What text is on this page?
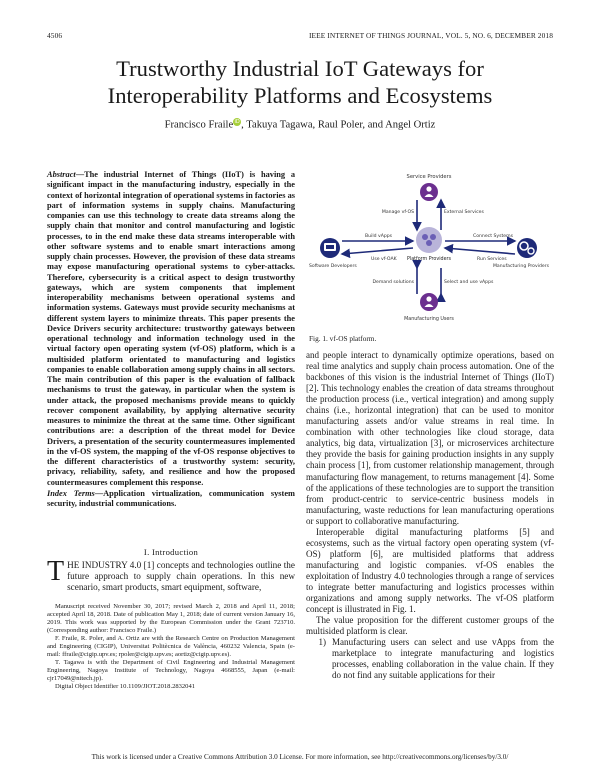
4506	IEEE INTERNET OF THINGS JOURNAL, VOL. 5, NO. 6, DECEMBER 2018
Trustworthy Industrial IoT Gateways for
Interoperability Platforms and Ecosystems
Francisco FraileiD, Takuya Tagawa, Raul Poler, and Angel Ortiz

Abstract—The industrial Internet of Things (IIoT) is having a significant impact in the manufacturing industry, especially in the context of horizontal integration of operational systems in factories as part of information systems in supply chains. Manufacturing companies can use this technology to create data streams along the supply chain that monitor and control manufacturing and logistic processes, to in the end make these data streams interoperable with other software systems and to enable smart interactions among supply chain processes. However, the provision of these data streams may expose manufacturing operational systems to cyber-attacks. Therefore, cybersecurity is a critical aspect to design trustworthy gateways, which are system components that implement interoperability mechanisms between operational systems and information systems. Gateways must provide security mechanisms at different system layers to minimize threats. This paper presents the Device Drivers security architecture: trustworthy gateways between operational technology and information technology used in the virtual factory open operating system (vf-OS) platform, which is a multisided platform orientated to manufacturing and logistics companies to enable collaboration among supply chains in all sectors. The main contribution of this paper is the evaluation of fallback mechanisms to trust the gateway, in particular when the system is under attack, the proposed mechanisms provide means to quickly recover component availability, by applying alternative security measures to minimize the threat at the same time. Other significant contributions are: a description of the threat model for Device Drivers, a presentation of the security countermeasures implemented in the vf-OS system, the mapping of the vf-OS response objectives to the different characteristics of a trustworthy system: security, privacy, reliability, safety, and resilience and how the proposed countermeasures complement this response.

Index Terms—Application virtualization, communication system security, industrial communications.

I. Introduction
THE INDUSTRY 4.0 [1] concepts and technologies outline the future approach to supply chain operations. In this new scenario, smart products, smart equipment, software,

Manuscript received November 30, 2017; revised March 2, 2018 and April 11, 2018; accepted April 18, 2018. Date of publication May 1, 2018; date of current version January 16, 2019. This work was supported by the European Commission under the Grant 723710. (Corresponding author: Francisco Fraile.)

F. Fraile, R. Poler, and A. Ortiz are with the Research Centre on Production Management and Engineering (CIGIP), Universitat Politècnica de València, 460232 Valencia, Spain (e-mail: ffraile@cigip.upv.es; rpoler@cigip.upv.es; aortiz@cigip.upv.es).

T. Tagawa is with the Department of Civil Engineering and Industrial Management Engineering, Nagoya Institute of Technology, Nagoya 4668555, Japan (e-mail: cjr17049@nitech.jp).

Digital Object Identifier 10.1109/JIOT.2018.2832041

This work is licensed under a Creative Commons Attribution 3.0 License. For more information, see http://creativecommons.org/licenses/by/3.0/
Service Providers
Manage vf-OS	External Services
Platform Providers
Software Developers
Build vApps
Use vf-OAK
Manufacturing Providers
Connect Systems
Run Services
Demand solutions	Select and use vApps
Manufacturing Users
Fig. 1. vf-OS platform.

and people interact to dynamically optimize operations, based on real time analytics and supply chain process automation. One of the backbones of this vision is the industrial Internet of Things (IIoT) [2]. This technology enables the creation of data streams throughout the production process (i.e., vertical integration) and among supply chains (i.e., horizontal integration) that can be used to monitor manufacturing assets and/or value streams in real time. In combination with other technologies like cloud storage, data analytics, big data, virtualization [3], or microservices architecture they provide the basis for gaining production insights in any supply chain process [1], from customer relationship management, through manufacturing flow management, to returns management [4]. Some of the applications of these technologies are to support the transition from product-centric to service-centric business models in manufacturing, waste reductions for lean manufacturing operations or support to collaborative manufacturing.

Interoperable digital manufacturing platforms [5] and ecosystems, such as the virtual factory open operating system (vf-OS) platform [6], are multisided platforms that address manufacturing and logistic companies. vf-OS enables the exploitation of Industry 4.0 technologies through a range of services to integrate better manufacturing and logistics processes within organizations and among supply networks. The vf-OS platform concept is illustrated in Fig. 1.

The value proposition for the different customer groups of the multisided platform is clear.

1) Manufacturing users can select and use vApps from the marketplace to integrate manufacturing and logistics processes, enabling collaboration in the value chain. If they do not find any suitable applications for their
